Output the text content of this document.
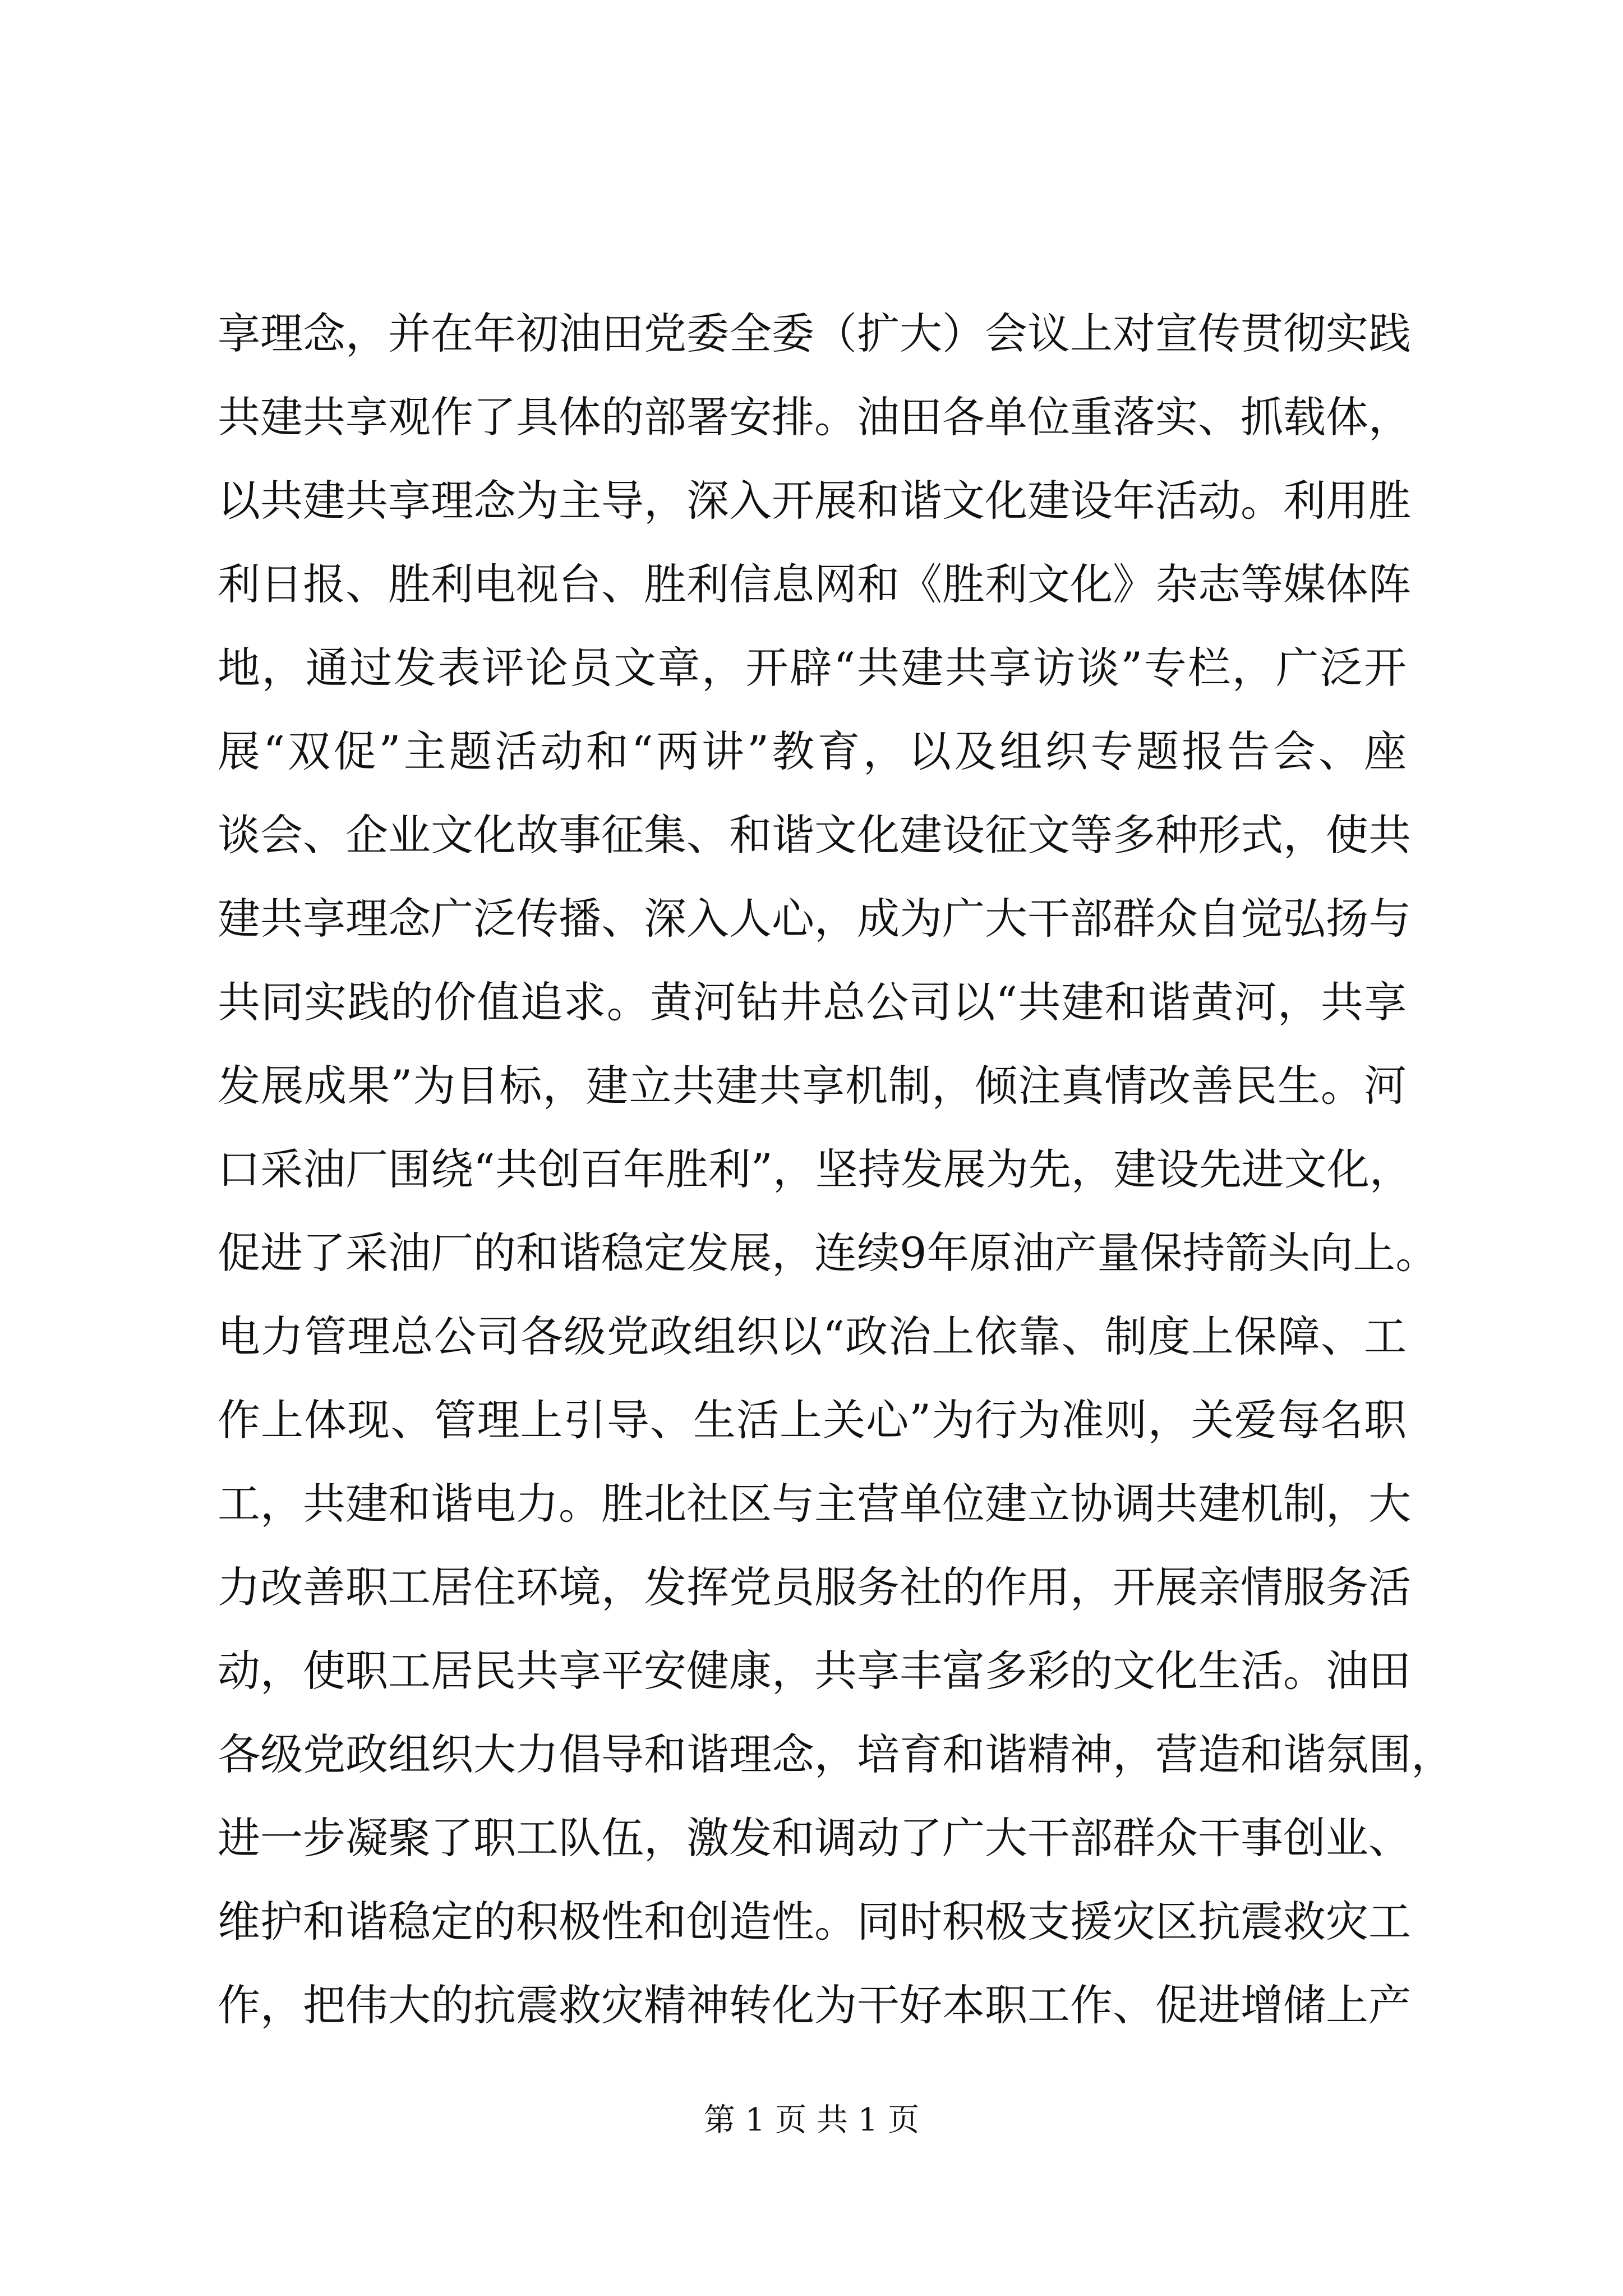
享理念，并在年初油田党委全委（扩大）会议上对宣传贯彻实践
共建共享观作了具体的部署安排。油田各单位重落实、抓载体，
以共建共享理念为主导，深入开展和谐文化建设年活动。利用胜
利日报、胜利电视台、胜利信息网和《胜利文化》杂志等媒体阵
地，通过发表评论员文章，开辟“共建共享访谈”专栏，广泛开
展“双促”主题活动和“两讲”教育，以及组织专题报告会、座
谈会、企业文化故事征集、和谐文化建设征文等多种形式，使共
建共享理念广泛传播、深入人心，成为广大干部群众自觉弘扬与
共同实践的价值追求。黄河钻井总公司以“共建和谐黄河，共享
发展成果”为目标，建立共建共享机制，倾注真情改善民生。河
口采油厂围绕“共创百年胜利”，坚持发展为先，建设先进文化，
促进了采油厂的和谐稳定发展，连续9年原油产量保持箭头向上。
电力管理总公司各级党政组织以“政治上依靠、制度上保障、工
作上体现、管理上引导、生活上关心”为行为准则，关爱每名职
工，共建和谐电力。胜北社区与主营单位建立协调共建机制，大
力改善职工居住环境，发挥党员服务社的作用，开展亲情服务活
动，使职工居民共享平安健康，共享丰富多彩的文化生活。油田
各级党政组织大力倡导和谐理念，培育和谐精神，营造和谐氛围，
进一步凝聚了职工队伍，激发和调动了广大干部群众干事创业、
维护和谐稳定的积极性和创造性。同时积极支援灾区抗震救灾工
作，把伟大的抗震救灾精神转化为干好本职工作、促进增储上产
第 1 页 共 1 页
